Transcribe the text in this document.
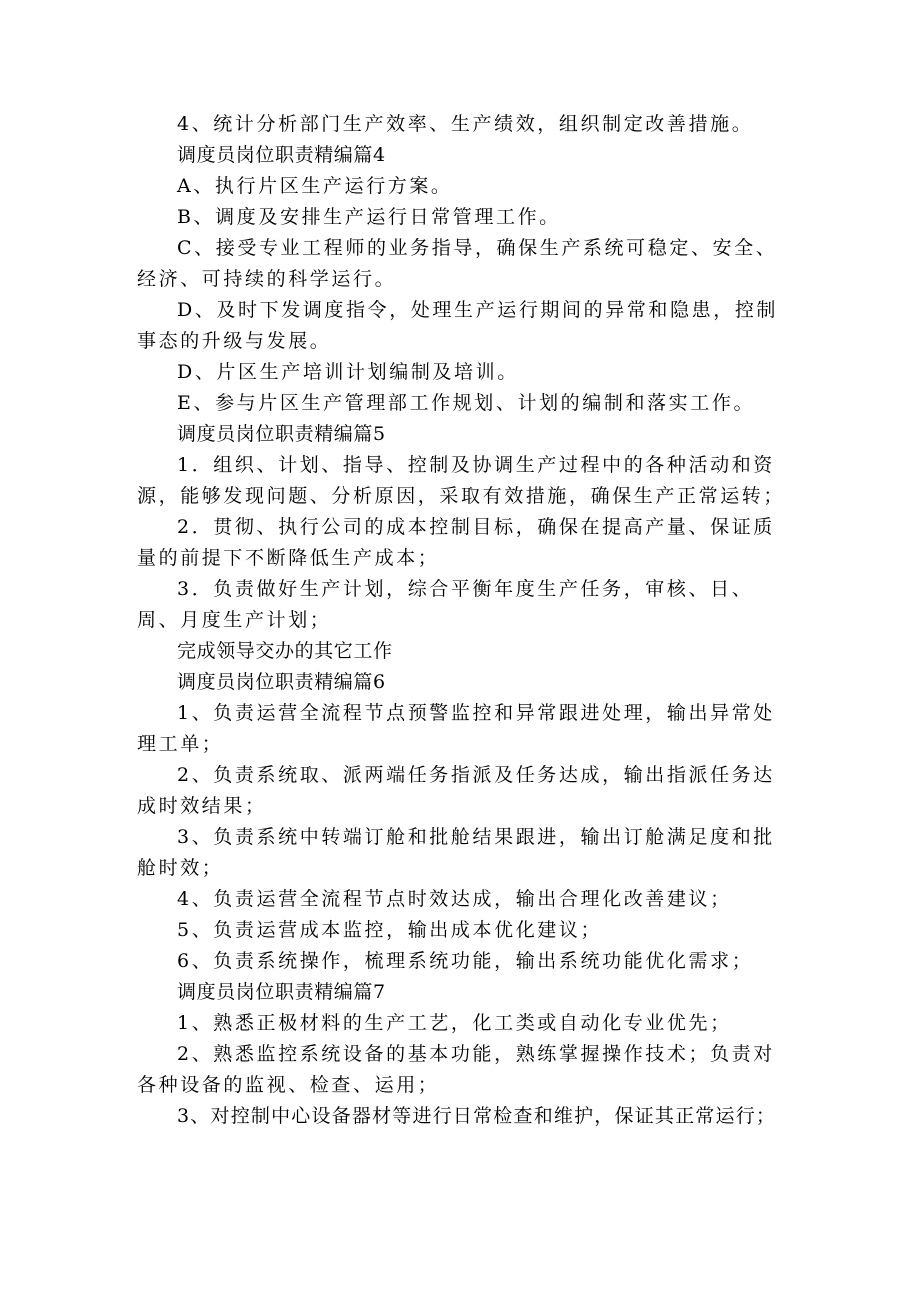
4、统计分析部门生产效率、生产绩效，组织制定改善措施。

调度员岗位职责精编篇4

A、执行片区生产运行方案。

B、调度及安排生产运行日常管理工作。

C、接受专业工程师的业务指导，确保生产系统可稳定、安全、经济、可持续的科学运行。

D、及时下发调度指令，处理生产运行期间的异常和隐患，控制事态的升级与发展。

D、片区生产培训计划编制及培训。

E、参与片区生产管理部工作规划、计划的编制和落实工作。

调度员岗位职责精编篇5

1．组织、计划、指导、控制及协调生产过程中的各种活动和资源，能够发现问题、分析原因，采取有效措施，确保生产正常运转；

2．贯彻、执行公司的成本控制目标，确保在提高产量、保证质量的前提下不断降低生产成本；

3．负责做好生产计划，综合平衡年度生产任务，审核、日、周、月度生产计划；

完成领导交办的其它工作

调度员岗位职责精编篇6

1、负责运营全流程节点预警监控和异常跟进处理，输出异常处理工单；

2、负责系统取、派两端任务指派及任务达成，输出指派任务达成时效结果；

3、负责系统中转端订舱和批舱结果跟进，输出订舱满足度和批舱时效；

4、负责运营全流程节点时效达成，输出合理化改善建议；

5、负责运营成本监控，输出成本优化建议；

6、负责系统操作，梳理系统功能，输出系统功能优化需求；

调度员岗位职责精编篇7

1、熟悉正极材料的生产工艺，化工类或自动化专业优先；

2、熟悉监控系统设备的基本功能，熟练掌握操作技术；负责对各种设备的监视、检查、运用；

3、对控制中心设备器材等进行日常检查和维护，保证其正常运行；
